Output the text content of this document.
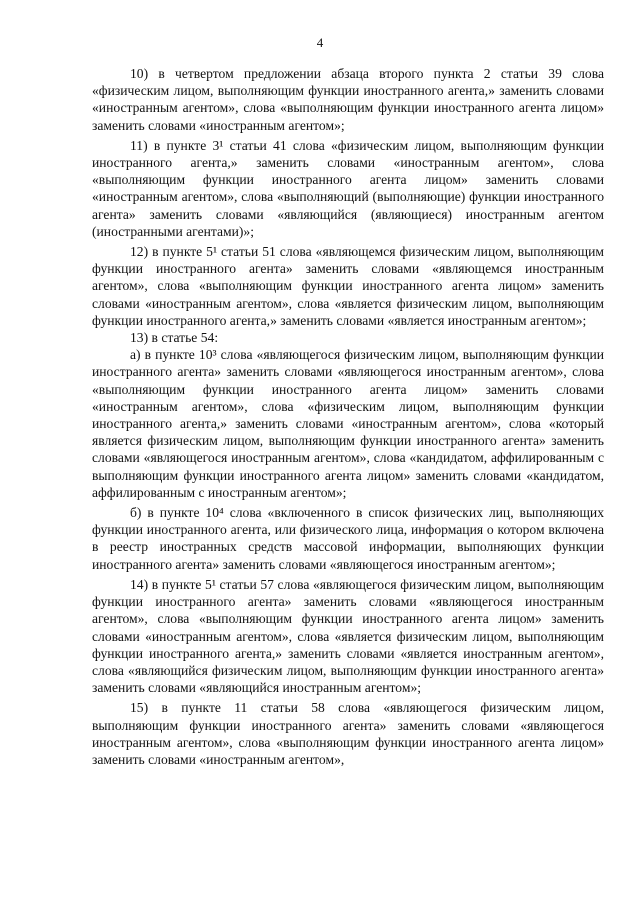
4

10) в четвертом предложении абзаца второго пункта 2 статьи 39 слова «физическим лицом, выполняющим функции иностранного агента,» заменить словами «иностранным агентом», слова «выполняющим функции иностранного агента лицом» заменить словами «иностранным агентом»;

11) в пункте 3¹ статьи 41 слова «физическим лицом, выполняющим функции иностранного агента,» заменить словами «иностранным агентом», слова «выполняющим функции иностранного агента лицом» заменить словами «иностранным агентом», слова «выполняющий (выполняющие) функции иностранного агента» заменить словами «являющийся (являющиеся) иностранным агентом (иностранными агентами)»;

12) в пункте 5¹ статьи 51 слова «являющемся физическим лицом, выполняющим функции иностранного агента» заменить словами «являющемся иностранным агентом», слова «выполняющим функции иностранного агента лицом» заменить словами «иностранным агентом», слова «является физическим лицом, выполняющим функции иностранного агента,» заменить словами «является иностранным агентом»;

13) в статье 54:

а) в пункте 10³ слова «являющегося физическим лицом, выполняющим функции иностранного агента» заменить словами «являющегося иностранным агентом», слова «выполняющим функции иностранного агента лицом» заменить словами «иностранным агентом», слова «физическим лицом, выполняющим функции иностранного агента,» заменить словами «иностранным агентом», слова «который является физическим лицом, выполняющим функции иностранного агента» заменить словами «являющегося иностранным агентом», слова «кандидатом, аффилированным с выполняющим функции иностранного агента лицом» заменить словами «кандидатом, аффилированным с иностранным агентом»;

б) в пункте 10⁴ слова «включенного в список физических лиц, выполняющих функции иностранного агента, или физического лица, информация о котором включена в реестр иностранных средств массовой информации, выполняющих функции иностранного агента» заменить словами «являющегося иностранным агентом»;

14) в пункте 5¹ статьи 57 слова «являющегося физическим лицом, выполняющим функции иностранного агента» заменить словами «являющегося иностранным агентом», слова «выполняющим функции иностранного агента лицом» заменить словами «иностранным агентом», слова «является физическим лицом, выполняющим функции иностранного агента,» заменить словами «является иностранным агентом», слова «являющийся физическим лицом, выполняющим функции иностранного агента» заменить словами «являющийся иностранным агентом»;

15) в пункте 11 статьи 58 слова «являющегося физическим лицом, выполняющим функции иностранного агента» заменить словами «являющегося иностранным агентом», слова «выполняющим функции иностранного агента лицом» заменить словами «иностранным агентом»,
